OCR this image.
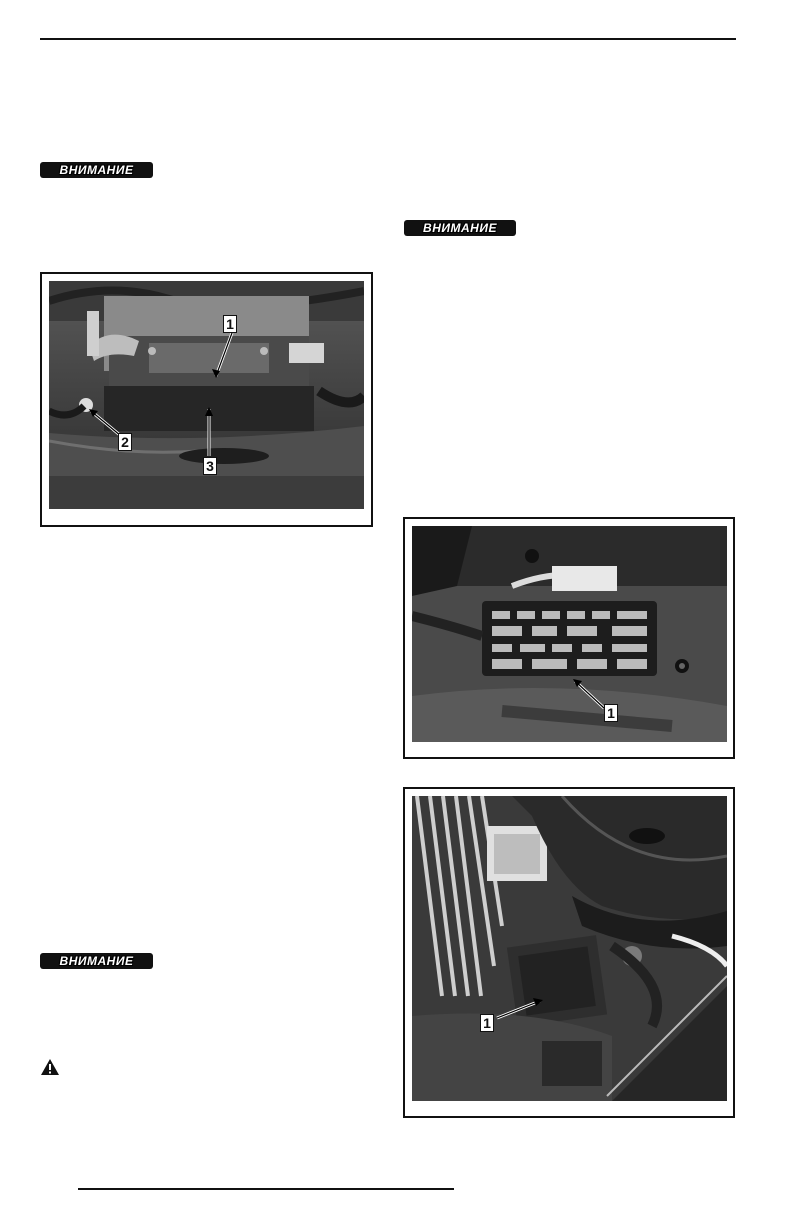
ВНИМАНИЕ
ВНИМАНИЕ
ВНИМАНИЕ
1
2
3
1
1
